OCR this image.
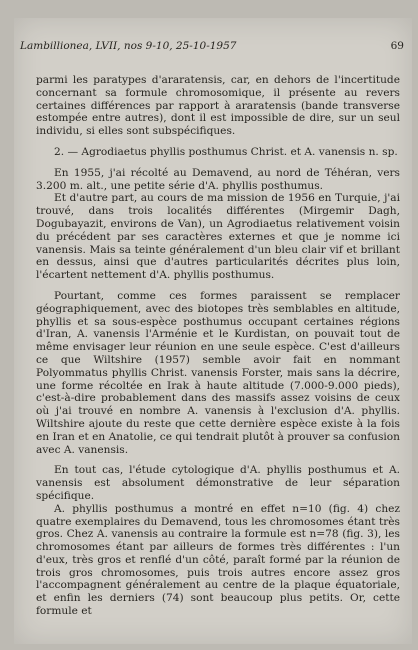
Lambillionea, LVII, nos 9-10, 25-10-1957	69

parmi les paratypes d'araratensis, car, en dehors de l'incertitude concernant sa formule chromosomique, il présente au revers certaines différences par rapport à araratensis (bande transverse estompée entre autres), dont il est impossible de dire, sur un seul individu, si elles sont subspécifiques.

2. — Agrodiaetus phyllis posthumus Christ. et A. vanensis n. sp.

En 1955, j'ai récolté au Demavend, au nord de Téhéran, vers 3.200 m. alt., une petite série d'A. phyllis posthumus.

Et d'autre part, au cours de ma mission de 1956 en Turquie, j'ai trouvé, dans trois localités différentes (Mirgemir Dagh, Dogubayazit, environs de Van), un Agrodiaetus relativement voisin du précédent par ses caractères externes et que je nomme ici vanensis. Mais sa teinte généralement d'un bleu clair vif et brillant en dessus, ainsi que d'autres particularités décrites plus loin, l'écartent nettement d'A. phyllis posthumus.

Pourtant, comme ces formes paraissent se remplacer géographiquement, avec des biotopes très semblables en altitude, phyllis et sa sous-espèce posthumus occupant certaines régions d'Iran, A. vanensis l'Arménie et le Kurdistan, on pouvait tout de même envisager leur réunion en une seule espèce. C'est d'ailleurs ce que Wiltshire (1957) semble avoir fait en nommant Polyommatus phyllis Christ. vanensis Forster, mais sans la décrire, une forme récoltée en Irak à haute altitude (7.000-9.000 pieds), c'est-à-dire probablement dans des massifs assez voisins de ceux où j'ai trouvé en nombre A. vanensis à l'exclusion d'A. phyllis. Wiltshire ajoute du reste que cette dernière espèce existe à la fois en Iran et en Anatolie, ce qui tendrait plutôt à prouver sa confusion avec A. vanensis.

En tout cas, l'étude cytologique d'A. phyllis posthumus et A. vanensis est absolument démonstrative de leur séparation spécifique.

A. phyllis posthumus a montré en effet n=10 (fig. 4) chez quatre exemplaires du Demavend, tous les chromosomes étant très gros. Chez A. vanensis au contraire la formule est n=78 (fig. 3), les chromosomes étant par ailleurs de formes très différentes : l'un d'eux, très gros et renflé d'un côté, paraît formé par la réunion de trois gros chromosomes, puis trois autres encore assez gros l'accompagnent généralement au centre de la plaque équatoriale, et enfin les derniers (74) sont beaucoup plus petits. Or, cette formule et
